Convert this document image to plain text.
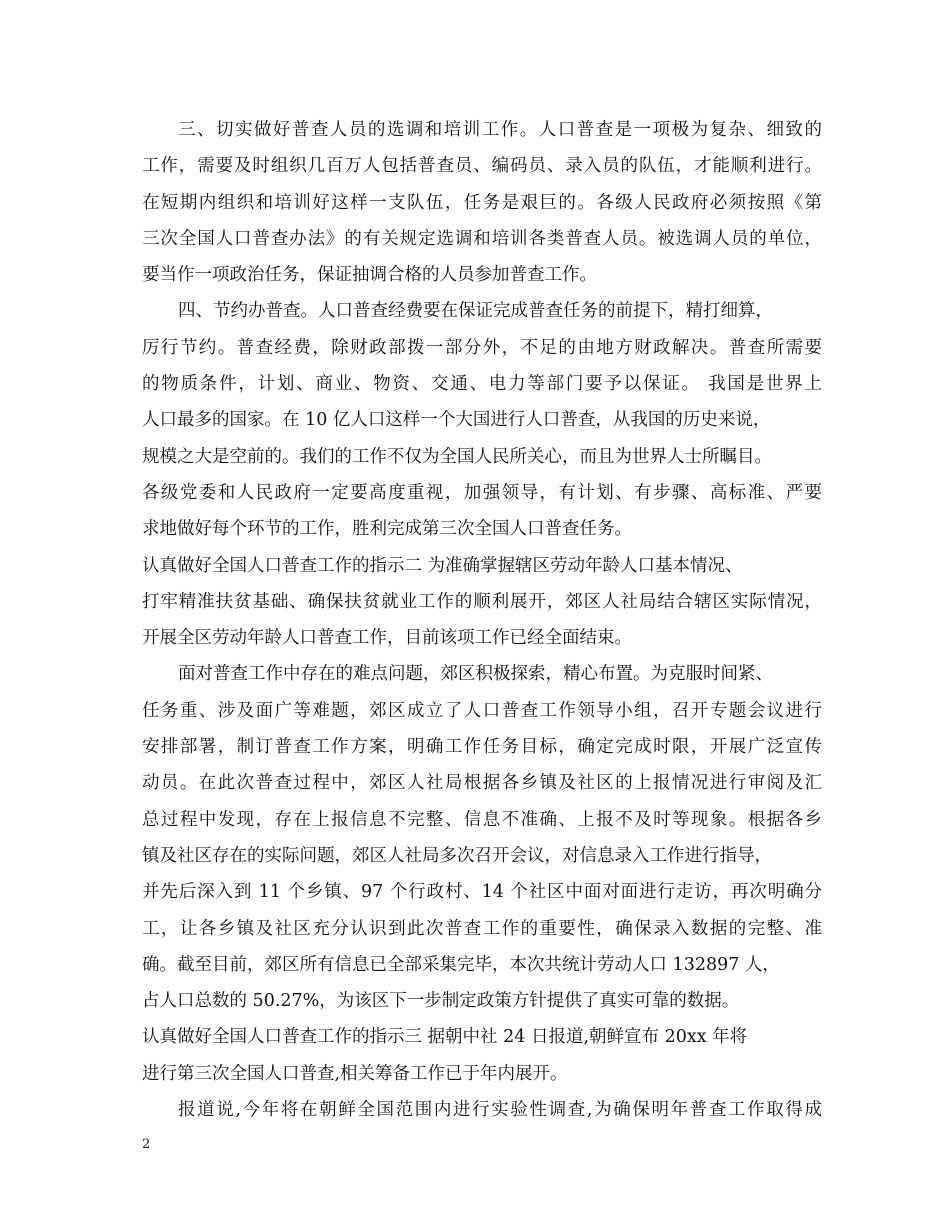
三、切实做好普查人员的选调和培训工作。人口普查是一项极为复杂、细致的
工作，需要及时组织几百万人包括普查员、编码员、录入员的队伍，才能顺利进行。
在短期内组织和培训好这样一支队伍，任务是艰巨的。各级人民政府必须按照《第
三次全国人口普查办法》的有关规定选调和培训各类普查人员。被选调人员的单位，
要当作一项政治任务，保证抽调合格的人员参加普查工作。
四、节约办普查。人口普查经费要在保证完成普查任务的前提下，精打细算，
厉行节约。普查经费，除财政部拨一部分外，不足的由地方财政解决。普查所需要
的物质条件，计划、商业、物资、交通、电力等部门要予以保证。 我国是世界上
人口最多的国家。在 10 亿人口这样一个大国进行人口普查，从我国的历史来说，
规模之大是空前的。我们的工作不仅为全国人民所关心，而且为世界人士所瞩目。
各级党委和人民政府一定要高度重视，加强领导，有计划、有步骤、高标准、严要
求地做好每个环节的工作，胜利完成第三次全国人口普查任务。
认真做好全国人口普查工作的指示二 为准确掌握辖区劳动年龄人口基本情况、
打牢精准扶贫基础、确保扶贫就业工作的顺利展开，郊区人社局结合辖区实际情况，
开展全区劳动年龄人口普查工作，目前该项工作已经全面结束。
面对普查工作中存在的难点问题，郊区积极探索，精心布置。为克服时间紧、
任务重、涉及面广等难题，郊区成立了人口普查工作领导小组，召开专题会议进行
安排部署，制订普查工作方案，明确工作任务目标，确定完成时限，开展广泛宣传
动员。在此次普查过程中，郊区人社局根据各乡镇及社区的上报情况进行审阅及汇
总过程中发现，存在上报信息不完整、信息不准确、上报不及时等现象。根据各乡
镇及社区存在的实际问题，郊区人社局多次召开会议，对信息录入工作进行指导，
并先后深入到 11 个乡镇、97 个行政村、14 个社区中面对面进行走访，再次明确分
工，让各乡镇及社区充分认识到此次普查工作的重要性，确保录入数据的完整、准
确。截至目前，郊区所有信息已全部采集完毕，本次共统计劳动人口 132897 人，
占人口总数的 50.27%，为该区下一步制定政策方针提供了真实可靠的数据。
认真做好全国人口普查工作的指示三 据朝中社 24 日报道,朝鲜宣布 20xx 年将
进行第三次全国人口普查,相关筹备工作已于年内展开。
报道说,今年将在朝鲜全国范围内进行实验性调查,为确保明年普查工作取得成
2
